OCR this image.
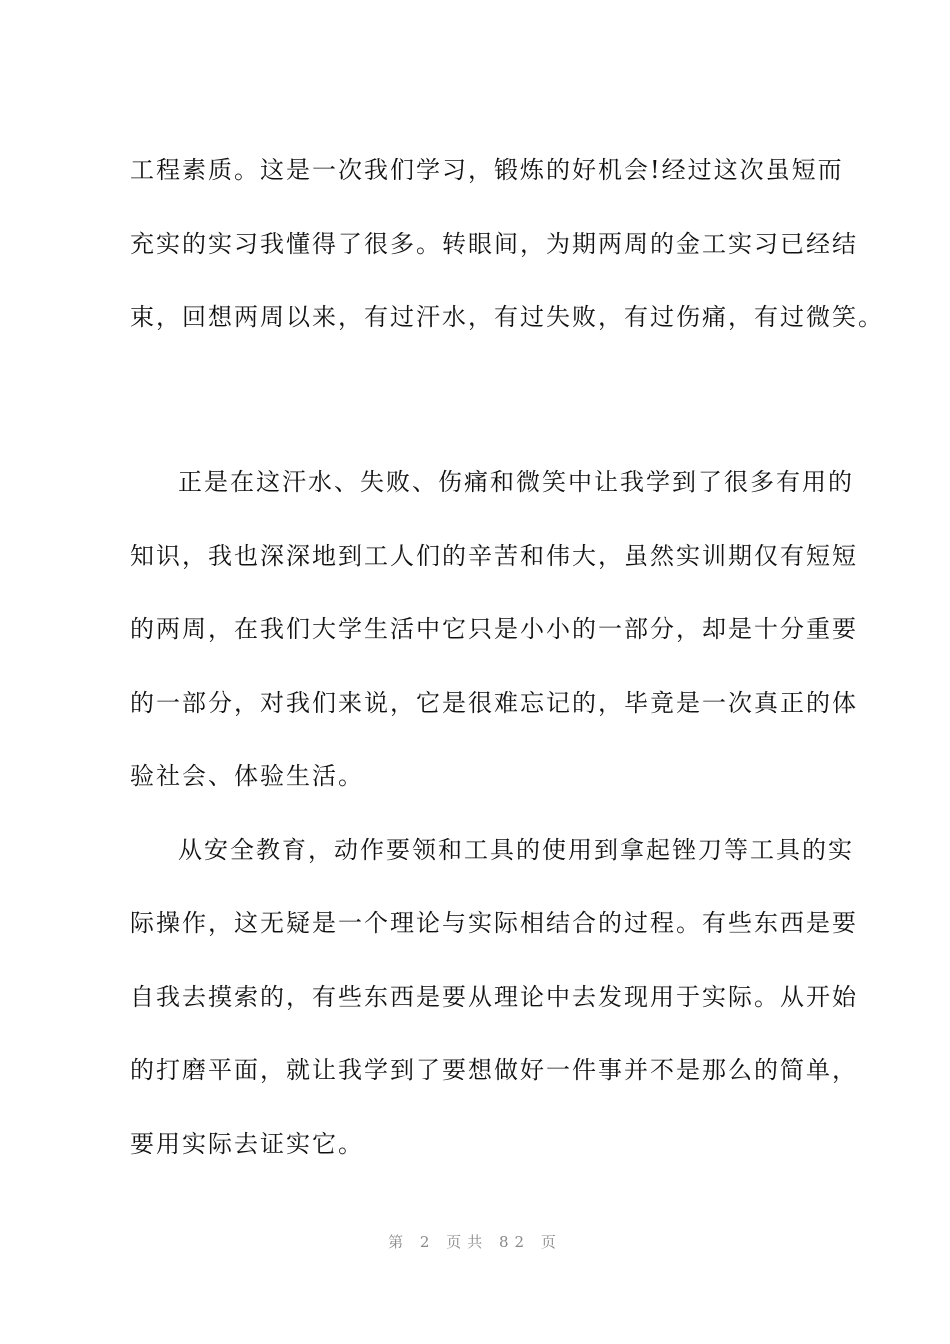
工程素质。这是一次我们学习，锻炼的好机会!经过这次虽短而
充实的实习我懂得了很多。转眼间，为期两周的金工实习已经结
束，回想两周以来，有过汗水，有过失败，有过伤痛，有过微笑。
正是在这汗水、失败、伤痛和微笑中让我学到了很多有用的
知识，我也深深地到工人们的辛苦和伟大，虽然实训期仅有短短
的两周，在我们大学生活中它只是小小的一部分，却是十分重要
的一部分，对我们来说，它是很难忘记的，毕竟是一次真正的体
验社会、体验生活。
从安全教育，动作要领和工具的使用到拿起锉刀等工具的实
际操作，这无疑是一个理论与实际相结合的过程。有些东西是要
自我去摸索的，有些东西是要从理论中去发现用于实际。从开始
的打磨平面，就让我学到了要想做好一件事并不是那么的简单，
要用实际去证实它。
第 2 页共 82 页
